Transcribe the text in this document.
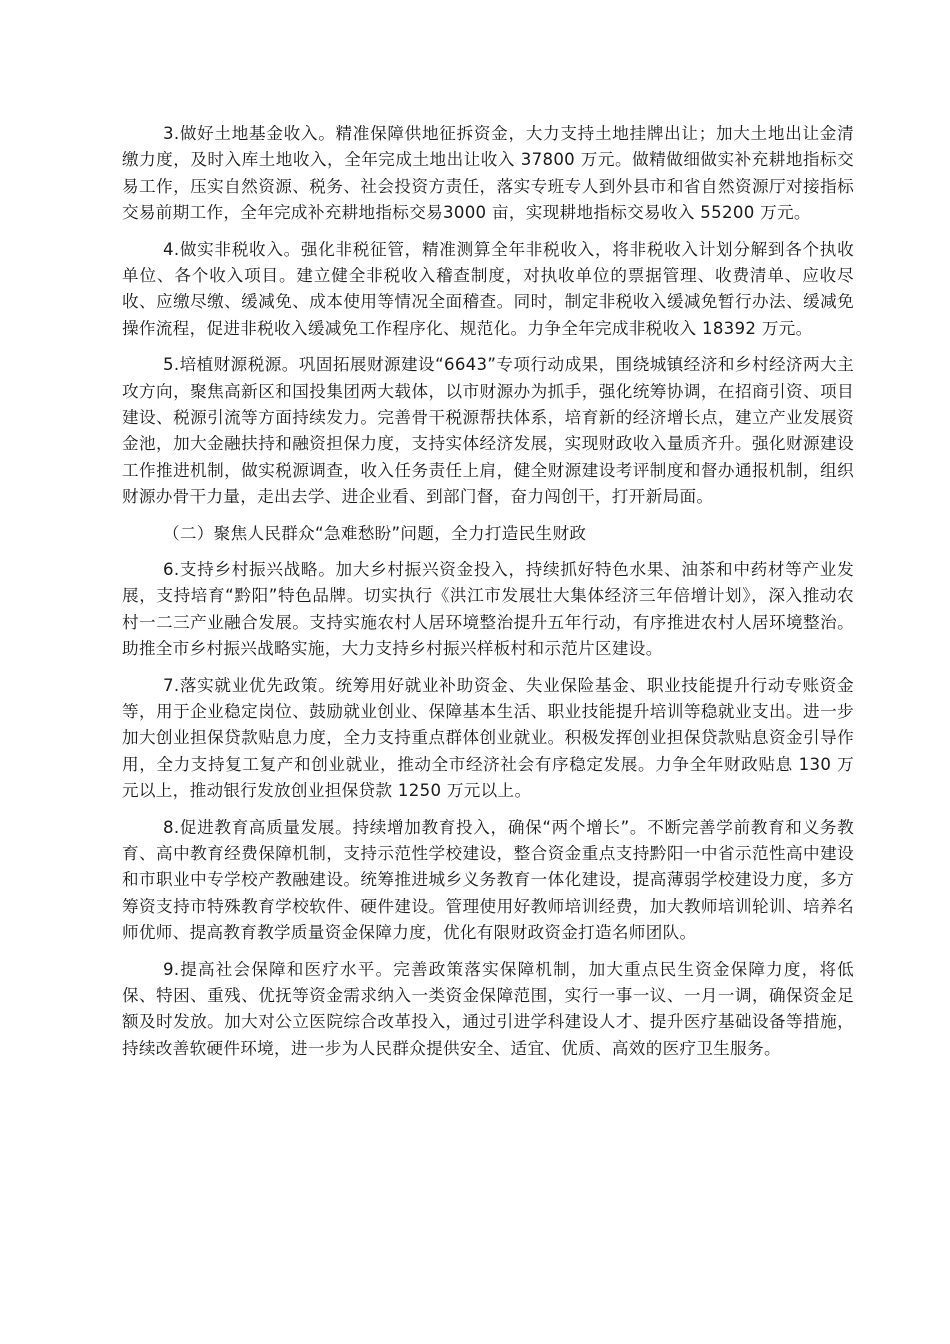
3.做好土地基金收入。精准保障供地征拆资金，大力支持土地挂牌出让；加大土地出让金清缴力度，及时入库土地收入，全年完成土地出让收入 37800 万元。做精做细做实补充耕地指标交易工作，压实自然资源、税务、社会投资方责任，落实专班专人到外县市和省自然资源厅对接指标交易前期工作，全年完成补充耕地指标交易3000 亩，实现耕地指标交易收入 55200 万元。

4.做实非税收入。强化非税征管，精准测算全年非税收入，将非税收入计划分解到各个执收单位、各个收入项目。建立健全非税收入稽查制度，对执收单位的票据管理、收费清单、应收尽收、应缴尽缴、缓减免、成本使用等情况全面稽查。同时，制定非税收入缓减免暂行办法、缓减免操作流程，促进非税收入缓减免工作程序化、规范化。力争全年完成非税收入 18392 万元。

5.培植财源税源。巩固拓展财源建设“6643”专项行动成果，围绕城镇经济和乡村经济两大主攻方向，聚焦高新区和国投集团两大载体，以市财源办为抓手，强化统筹协调，在招商引资、项目建设、税源引流等方面持续发力。完善骨干税源帮扶体系，培育新的经济增长点，建立产业发展资金池，加大金融扶持和融资担保力度，支持实体经济发展，实现财政收入量质齐升。强化财源建设工作推进机制，做实税源调查，收入任务责任上肩，健全财源建设考评制度和督办通报机制，组织财源办骨干力量，走出去学、进企业看、到部门督，奋力闯创干，打开新局面。

（二）聚焦人民群众“急难愁盼”问题，全力打造民生财政

6.支持乡村振兴战略。加大乡村振兴资金投入，持续抓好特色水果、油茶和中药材等产业发展，支持培育“黔阳”特色品牌。切实执行《洪江市发展壮大集体经济三年倍增计划》，深入推动农村一二三产业融合发展。支持实施农村人居环境整治提升五年行动，有序推进农村人居环境整治。助推全市乡村振兴战略实施，大力支持乡村振兴样板村和示范片区建设。

7.落实就业优先政策。统筹用好就业补助资金、失业保险基金、职业技能提升行动专账资金等，用于企业稳定岗位、鼓励就业创业、保障基本生活、职业技能提升培训等稳就业支出。进一步加大创业担保贷款贴息力度，全力支持重点群体创业就业。积极发挥创业担保贷款贴息资金引导作用，全力支持复工复产和创业就业，推动全市经济社会有序稳定发展。力争全年财政贴息 130 万元以上，推动银行发放创业担保贷款 1250 万元以上。

8.促进教育高质量发展。持续增加教育投入，确保“两个增长”。不断完善学前教育和义务教育、高中教育经费保障机制，支持示范性学校建设，整合资金重点支持黔阳一中省示范性高中建设和市职业中专学校产教融建设。统筹推进城乡义务教育一体化建设，提高薄弱学校建设力度，多方筹资支持市特殊教育学校软件、硬件建设。管理使用好教师培训经费，加大教师培训轮训、培养名师优师、提高教育教学质量资金保障力度，优化有限财政资金打造名师团队。

9.提高社会保障和医疗水平。完善政策落实保障机制，加大重点民生资金保障力度，将低保、特困、重残、优抚等资金需求纳入一类资金保障范围，实行一事一议、一月一调，确保资金足额及时发放。加大对公立医院综合改革投入，通过引进学科建设人才、提升医疗基础设备等措施，持续改善软硬件环境，进一步为人民群众提供安全、适宜、优质、高效的医疗卫生服务。
